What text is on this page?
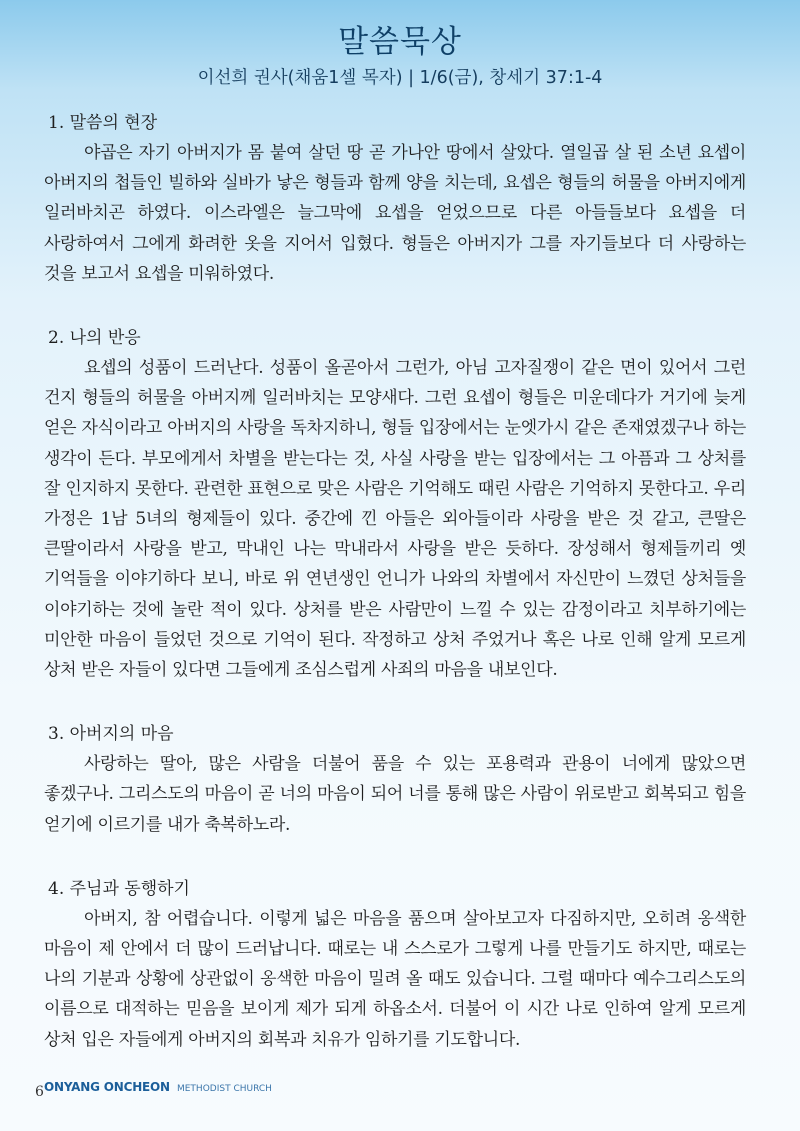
말씀묵상
이선희 권사(채움1셀 목자) | 1/6(금), 창세기 37:1-4
1. 말씀의 현장

야곱은 자기 아버지가 몸 붙여 살던 땅 곧 가나안 땅에서 살았다. 열일곱 살 된 소년 요셉이 아버지의 첩들인 빌하와 실바가 낳은 형들과 함께 양을 치는데, 요셉은 형들의 허물을 아버지에게 일러바치곤 하였다. 이스라엘은 늘그막에 요셉을 얻었으므로 다른 아들들보다 요셉을 더 사랑하여서 그에게 화려한 옷을 지어서 입혔다. 형들은 아버지가 그를 자기들보다 더 사랑하는 것을 보고서 요셉을 미워하였다.

2. 나의 반응

요셉의 성품이 드러난다. 성품이 올곧아서 그런가, 아님 고자질쟁이 같은 면이 있어서 그런 건지 형들의 허물을 아버지께 일러바치는 모양새다. 그런 요셉이 형들은 미운데다가 거기에 늦게 얻은 자식이라고 아버지의 사랑을 독차지하니, 형들 입장에서는 눈엣가시 같은 존재였겠구나 하는 생각이 든다. 부모에게서 차별을 받는다는 것, 사실 사랑을 받는 입장에서는 그 아픔과 그 상처를 잘 인지하지 못한다. 관련한 표현으로 맞은 사람은 기억해도 때린 사람은 기억하지 못한다고. 우리 가정은 1남 5녀의 형제들이 있다. 중간에 낀 아들은 외아들이라 사랑을 받은 것 같고, 큰딸은 큰딸이라서 사랑을 받고, 막내인 나는 막내라서 사랑을 받은 듯하다. 장성해서 형제들끼리 옛 기억들을 이야기하다 보니, 바로 위 연년생인 언니가 나와의 차별에서 자신만이 느꼈던 상처들을 이야기하는 것에 놀란 적이 있다. 상처를 받은 사람만이 느낄 수 있는 감정이라고 치부하기에는 미안한 마음이 들었던 것으로 기억이 된다. 작정하고 상처 주었거나 혹은 나로 인해 알게 모르게 상처 받은 자들이 있다면 그들에게 조심스럽게 사죄의 마음을 내보인다.

3. 아버지의 마음

사랑하는 딸아, 많은 사람을 더불어 품을 수 있는 포용력과 관용이 너에게 많았으면 좋겠구나. 그리스도의 마음이 곧 너의 마음이 되어 너를 통해 많은 사람이 위로받고 회복되고 힘을 얻기에 이르기를 내가 축복하노라.

4. 주님과 동행하기

아버지, 참 어렵습니다. 이렇게 넓은 마음을 품으며 살아보고자 다짐하지만, 오히려 옹색한 마음이 제 안에서 더 많이 드러납니다. 때로는 내 스스로가 그렇게 나를 만들기도 하지만, 때로는 나의 기분과 상황에 상관없이 옹색한 마음이 밀려 올 때도 있습니다. 그럴 때마다 예수그리스도의 이름으로 대적하는 믿음을 보이게 제가 되게 하옵소서. 더불어 이 시간 나로 인하여 알게 모르게 상처 입은 자들에게 아버지의 회복과 치유가 임하기를 기도합니다.

ONYANG ONCHEON METHODIST CHURCH
6
